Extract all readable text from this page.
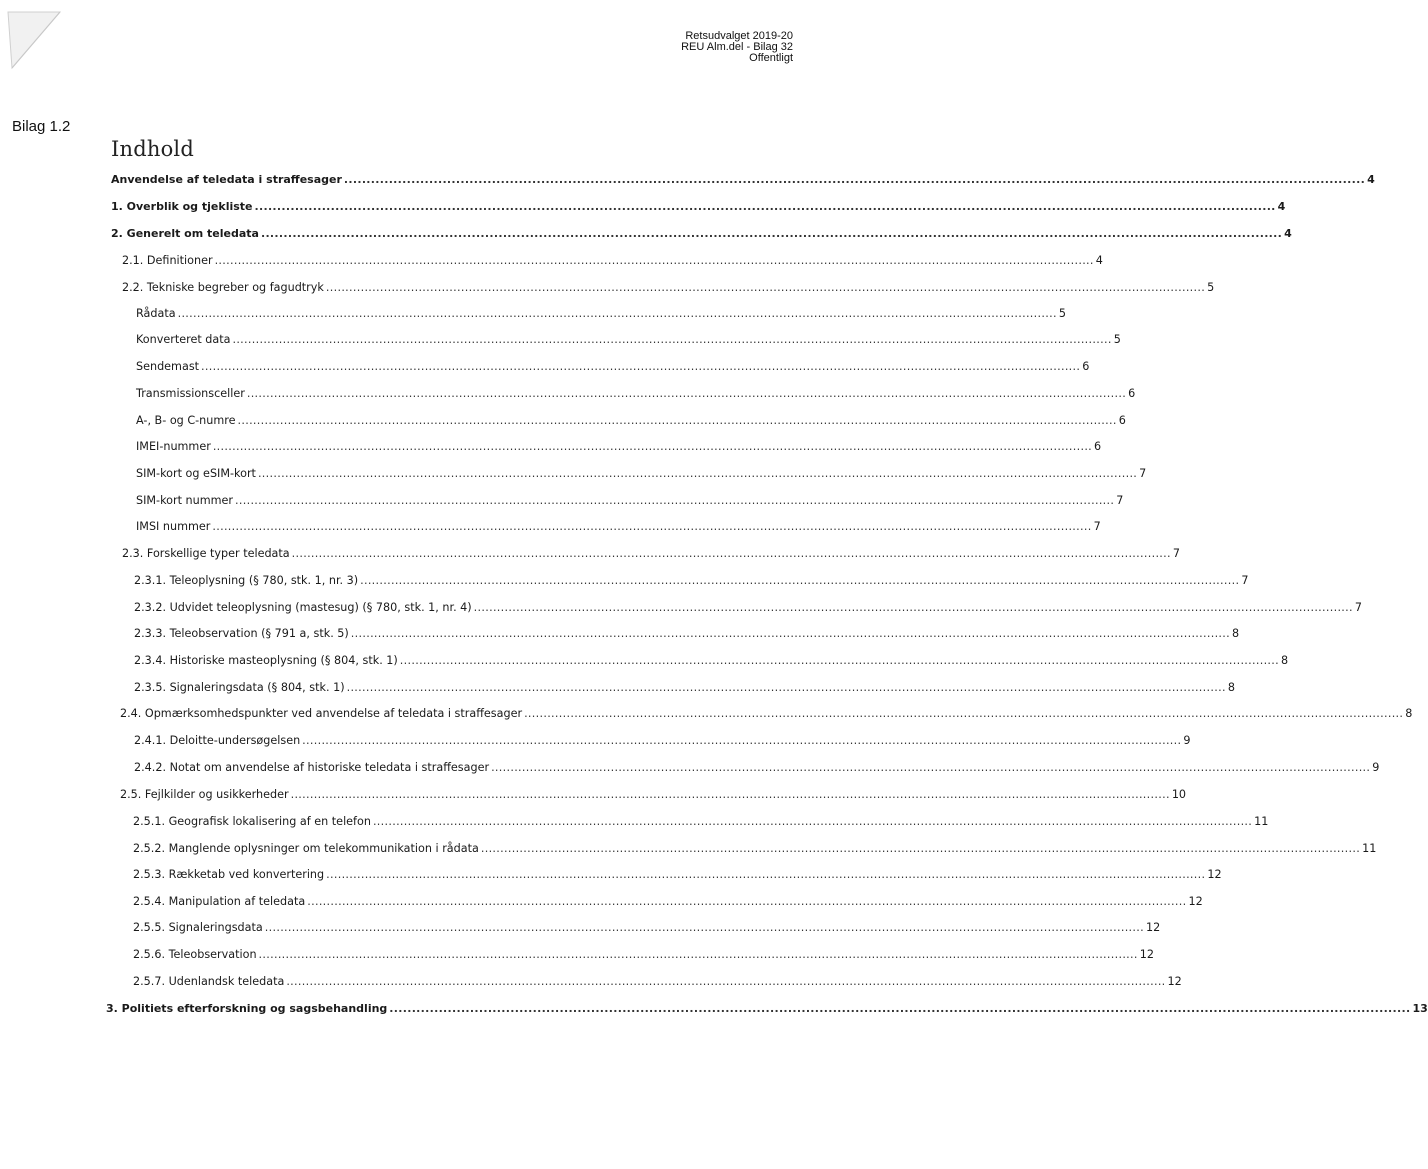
Retsudvalget 2019-20
REU Alm.del - Bilag 32
Offentligt
Bilag 1.2
Indhold
Anvendelse af teledata i straffesager .................................................................................................................................................................................................................................... 4
1. Overblik og tjekliste .................................................................................................................................................................................................................................... 4
2. Generelt om teledata .................................................................................................................................................................................................................................... 4
2.1. Definitioner .................................................................................................................................................................................................................................... 4
2.2. Tekniske begreber og fagudtryk .................................................................................................................................................................................................................................... 5
Rådata .................................................................................................................................................................................................................................... 5
Konverteret data .................................................................................................................................................................................................................................... 5
Sendemast .................................................................................................................................................................................................................................... 6
Transmissionsceller .................................................................................................................................................................................................................................... 6
A-, B- og C-numre .................................................................................................................................................................................................................................... 6
IMEI-nummer .................................................................................................................................................................................................................................... 6
SIM-kort og eSIM-kort .................................................................................................................................................................................................................................... 7
SIM-kort nummer .................................................................................................................................................................................................................................... 7
IMSI nummer .................................................................................................................................................................................................................................... 7
2.3. Forskellige typer teledata .................................................................................................................................................................................................................................... 7
2.3.1. Teleoplysning (§ 780, stk. 1, nr. 3) .................................................................................................................................................................................................................................... 7
2.3.2. Udvidet teleoplysning (mastesug) (§ 780, stk. 1, nr. 4) .................................................................................................................................................................................................................................... 7
2.3.3. Teleobservation (§ 791 a, stk. 5) .................................................................................................................................................................................................................................... 8
2.3.4. Historiske masteoplysning (§ 804, stk. 1) .................................................................................................................................................................................................................................... 8
2.3.5. Signaleringsdata (§ 804, stk. 1) .................................................................................................................................................................................................................................... 8
2.4. Opmærksomhedspunkter ved anvendelse af teledata i straffesager .................................................................................................................................................................................................................................... 8
2.4.1. Deloitte-undersøgelsen .................................................................................................................................................................................................................................... 9
2.4.2. Notat om anvendelse af historiske teledata i straffesager .................................................................................................................................................................................................................................... 9
2.5. Fejlkilder og usikkerheder .................................................................................................................................................................................................................................... 10
2.5.1. Geografisk lokalisering af en telefon .................................................................................................................................................................................................................................... 11
2.5.2. Manglende oplysninger om telekommunikation i rådata .................................................................................................................................................................................................................................... 11
2.5.3. Rækketab ved konvertering .................................................................................................................................................................................................................................... 12
2.5.4. Manipulation af teledata .................................................................................................................................................................................................................................... 12
2.5.5. Signaleringsdata .................................................................................................................................................................................................................................... 12
2.5.6. Teleobservation .................................................................................................................................................................................................................................... 12
2.5.7. Udenlandsk teledata .................................................................................................................................................................................................................................... 12
3. Politiets efterforskning og sagsbehandling .................................................................................................................................................................................................................................... 13
